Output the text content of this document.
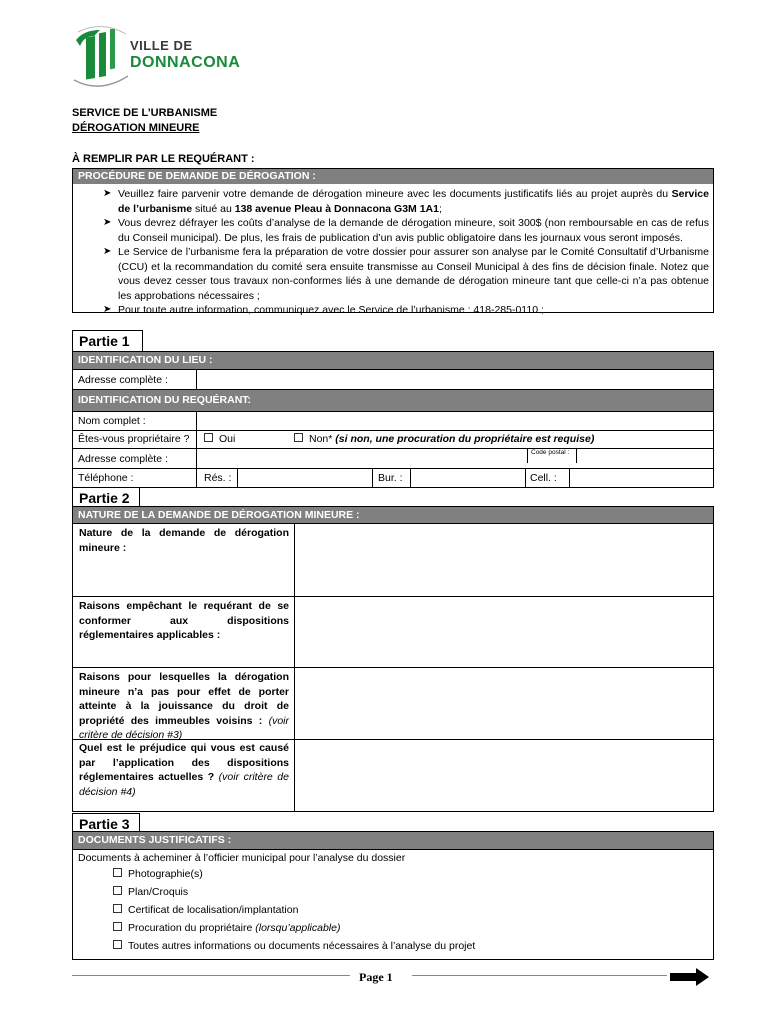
VILLE DE
DONNACONA
SERVICE DE L’URBANISME
DÉROGATION MINEURE
À REMPLIR PAR LE REQUÉRANT :
PROCÉDURE DE DEMANDE DE DÉROGATION :
➤ Veuillez faire parvenir votre demande de dérogation mineure avec les documents justificatifs liés au projet auprès du Service de l’urbanisme situé au 138 avenue Pleau à Donnacona G3M 1A1;
➤ Vous devrez défrayer les coûts d’analyse de la demande de dérogation mineure, soit 300$ (non remboursable en cas de refus du Conseil municipal). De plus, les frais de publication d’un avis public obligatoire dans les journaux vous seront imposés.
➤ Le Service de l’urbanisme fera la préparation de votre dossier pour assurer son analyse par le Comité Consultatif d’Urbanisme (CCU) et la recommandation du comité sera ensuite transmisse au Conseil Municipal à des fins de décision finale. Notez que vous devez cesser tous travaux non-conformes liés à une demande de dérogation mineure tant que celle-ci n’a pas obtenue les approbations nécessaires ;
➤ Pour toute autre information, communiquez avec le Service de l’urbanisme : 418-285-0110 ;
Partie 1
IDENTIFICATION DU LIEU :
Adresse complète :
IDENTIFICATION DU REQUÉRANT:
Nom complet :
Êtes-vous propriétaire ?	Oui	Non* (si non, une procuration du propriétaire est requise)
Adresse complète :
Code postal :
Téléphone :	Rés. :	Bur. :	Cell. :
Partie 2
NATURE DE LA DEMANDE DE DÉROGATION MINEURE :
Nature de la demande de dérogation mineure :
Raisons empêchant le requérant de se conformer aux dispositions réglementaires applicables :
Raisons pour lesquelles la dérogation mineure n’a pas pour effet de porter atteinte à la jouissance du droit de propriété des immeubles voisins : (voir critère de décision #3)
Quel est le préjudice qui vous est causé par l’application des dispositions réglementaires actuelles ? (voir critère de décision #4)
Partie 3
DOCUMENTS JUSTIFICATIFS :
Documents à acheminer à l’officier municipal pour l’analyse du dossier
Photographie(s)
Plan/Croquis
Certificat de localisation/implantation
Procuration du propriétaire (lorsqu’applicable)
Toutes autres informations ou documents nécessaires à l’analyse du projet
Page 1
